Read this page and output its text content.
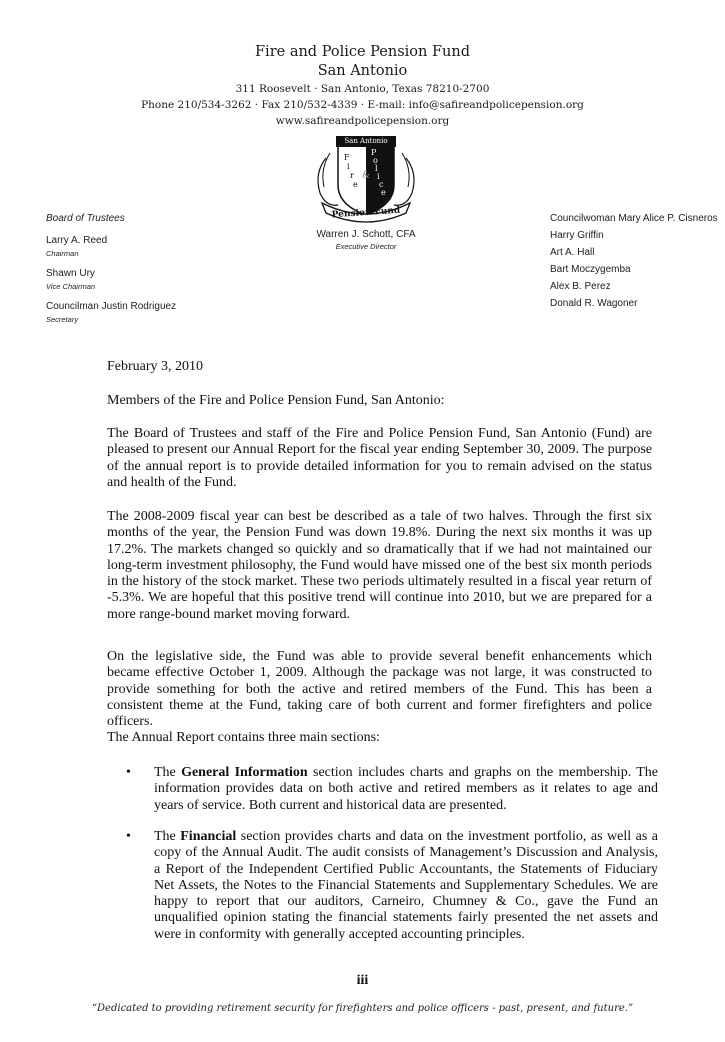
Fire and Police Pension Fund
San Antonio
311 Roosevelt · San Antonio, Texas 78210-2700
Phone 210/534-3262 · Fax 210/532-4339 · E-mail: info@safireandpolicepension.org
www.safireandpolicepension.org
San Antonio
F
i
r
e
&
P
o
l
i
c
e
Pension Fund
Warren J. Schott, CFA
Executive Director
Board of Trustees
Larry A. Reed
Chairman
Shawn Ury
Vice Chairman
Councilman Justin Rodriguez
Secretary
Councilwoman Mary Alice P. Cisneros
Harry Griffin
Art A. Hall
Bart Moczygemba
Alex B. Perez
Donald R. Wagoner
February 3, 2010
Members of the Fire and Police Pension Fund, San Antonio:
The Board of Trustees and staff of the Fire and Police Pension Fund, San Antonio (Fund) are pleased to present our Annual Report for the fiscal year ending September 30, 2009. The purpose of the annual report is to provide detailed information for you to remain advised on the status and health of the Fund.
The 2008-2009 fiscal year can best be described as a tale of two halves. Through the first six months of the year, the Pension Fund was down 19.8%. During the next six months it was up 17.2%. The markets changed so quickly and so dramatically that if we had not maintained our long-term investment philosophy, the Fund would have missed one of the best six month periods in the history of the stock market. These two periods ultimately resulted in a fiscal year return of -5.3%. We are hopeful that this positive trend will continue into 2010, but we are prepared for a more range-bound market moving forward.
On the legislative side, the Fund was able to provide several benefit enhancements which became effective October 1, 2009. Although the package was not large, it was constructed to provide something for both the active and retired members of the Fund. This has been a consistent theme at the Fund, taking care of both current and former firefighters and police officers.
The Annual Report contains three main sections:
• The General Information section includes charts and graphs on the membership. The information provides data on both active and retired members as it relates to age and years of service. Both current and historical data are presented.
• The Financial section provides charts and data on the investment portfolio, as well as a copy of the Annual Audit. The audit consists of Management’s Discussion and Analysis, a Report of the Independent Certified Public Accountants, the Statements of Fiduciary Net Assets, the Notes to the Financial Statements and Supplementary Schedules. We are happy to report that our auditors, Carneiro, Chumney & Co., gave the Fund an unqualified opinion stating the financial statements fairly presented the net assets and were in conformity with generally accepted accounting principles.
iii
“Dedicated to providing retirement security for firefighters and police officers - past, present, and future.”
